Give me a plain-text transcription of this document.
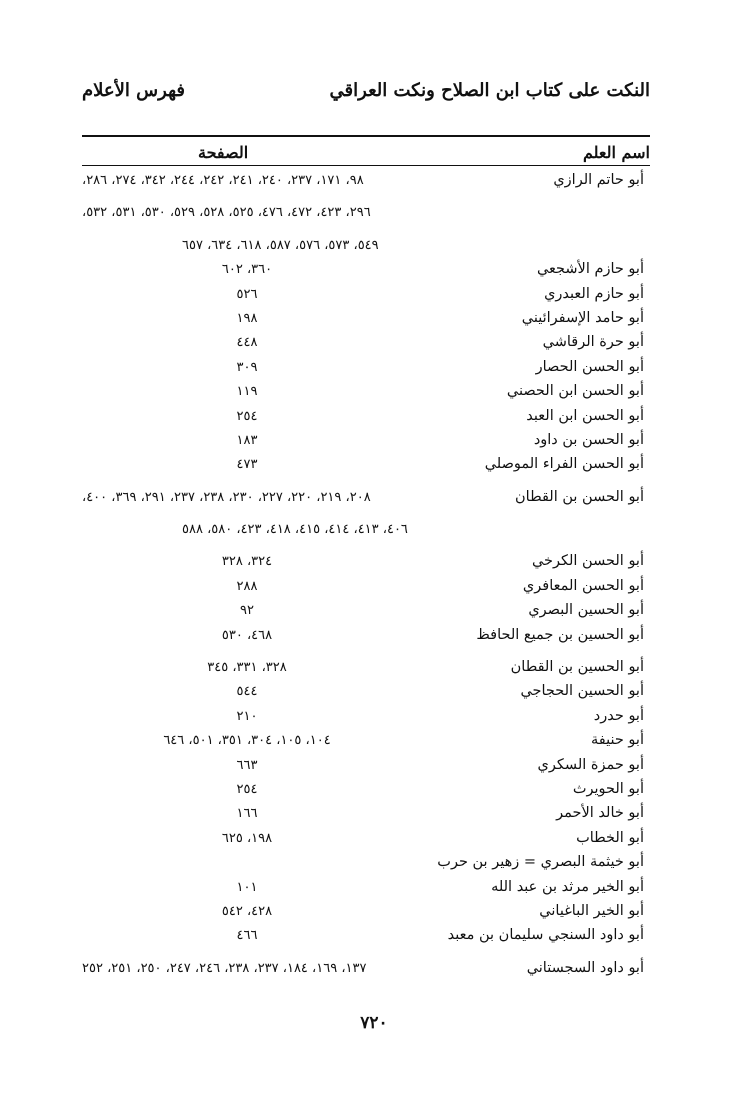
النكت على كتاب ابن الصلاح ونكت العراقي
فهرس الأعلام
اسم العلم
الصفحة
أبو حاتم الرازي
٩٨، ١٧١، ٢٣٧، ٢٤٠، ٢٤١، ٢٤٢، ٢٤٤، ٣٤٢، ٢٧٤، ٢٨٦،
٢٩٦، ٤٢٣، ٤٧٢، ٤٧٦، ٥٢٥، ٥٢٨، ٥٢٩، ٥٣٠، ٥٣١، ٥٣٢،
٥٤٩، ٥٧٣، ٥٧٦، ٥٨٧، ٦١٨، ٦٣٤، ٦٥٧
أبو حازم الأشجعي
٣٦٠، ٦٠٢
أبو حازم العبدري
٥٢٦
أبو حامد الإسفرائيني
١٩٨
أبو حرة الرقاشي
٤٤٨
أبو الحسن الحصار
٣٠٩
أبو الحسن ابن الحصني
١١٩
أبو الحسن ابن العبد
٢٥٤
أبو الحسن بن داود
١٨٣
أبو الحسن الفراء الموصلي
٤٧٣
أبو الحسن بن القطان
٢٠٨، ٢١٩، ٢٢٠، ٢٢٧، ٢٣٠، ٢٣٨، ٢٣٧، ٢٩١، ٣٦٩، ٤٠٠،
٤٠٦، ٤١٣، ٤١٤، ٤١٥، ٤١٨، ٤٢٣، ٥٨٠، ٥٨٨
أبو الحسن الكرخي
٣٢٤، ٣٢٨
أبو الحسن المعافري
٢٨٨
أبو الحسين البصري
٩٢
أبو الحسين بن جميع الحافظ
٤٦٨، ٥٣٠
أبو الحسين بن القطان
٣٢٨، ٣٣١، ٣٤٥
أبو الحسين الحجاجي
٥٤٤
أبو حدرد
٢١٠
أبو حنيفة
١٠٤، ١٠٥، ٣٠٤، ٣٥١، ٥٠١، ٦٤٦
أبو حمزة السكري
٦٦٣
أبو الحويرث
٢٥٤
أبو خالد الأحمر
١٦٦
أبو الخطاب
١٩٨، ٦٢٥
أبو خيثمة البصري = زهير بن حرب
أبو الخير مرثد بن عبد الله
١٠١
أبو الخير الباغياني
٤٢٨، ٥٤٢
أبو داود السنجي سليمان بن معبد
٤٦٦
أبو داود السجستاني
١٣٧، ١٦٩، ١٨٤، ٢٣٧، ٢٣٨، ٢٤٦، ٢٤٧، ٢٥٠، ٢٥١، ٢٥٢
٧٢٠
